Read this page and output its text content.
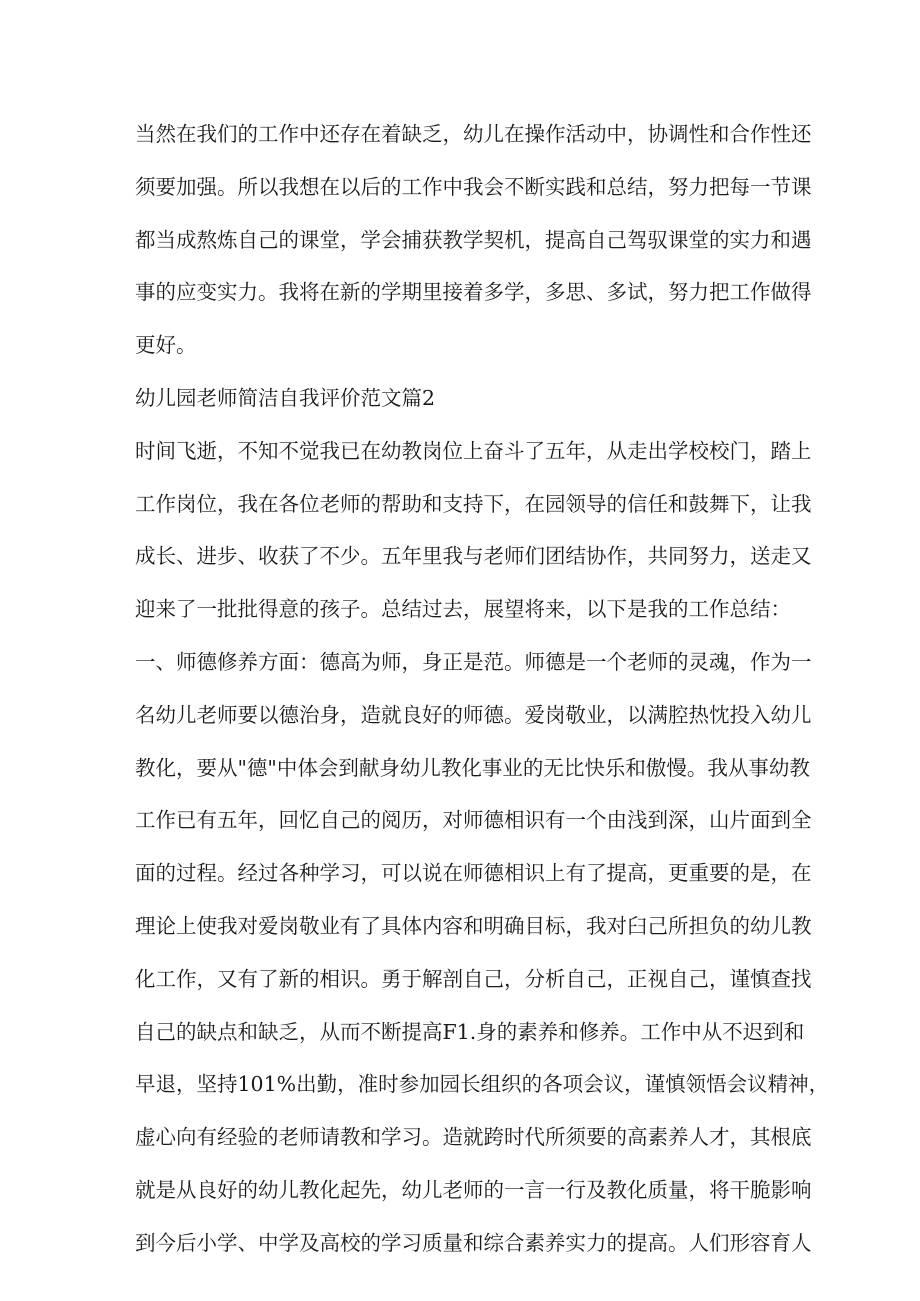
当然在我们的工作中还存在着缺乏，幼儿在操作活动中，协调性和合作性还
须要加强。所以我想在以后的工作中我会不断实践和总结，努力把每一节课
都当成熬炼自己的课堂，学会捕获教学契机，提高自己驾驭课堂的实力和遇
事的应变实力。我将在新的学期里接着多学，多思、多试，努力把工作做得
更好。
幼儿园老师简洁自我评价范文篇2
时间飞逝，不知不觉我已在幼教岗位上奋斗了五年，从走出学校校门，踏上
工作岗位，我在各位老师的帮助和支持下，在园领导的信任和鼓舞下，让我
成长、进步、收获了不少。五年里我与老师们团结协作，共同努力，送走又
迎来了一批批得意的孩子。总结过去，展望将来，以下是我的工作总结：
一、师德修养方面：德高为师，身正是范。师德是一个老师的灵魂，作为一
名幼儿老师要以德治身，造就良好的师德。爱岗敬业，以满腔热忱投入幼儿
教化，要从"德"中体会到献身幼儿教化事业的无比快乐和傲慢。我从事幼教
工作已有五年，回忆自己的阅历，对师德相识有一个由浅到深，山片面到全
面的过程。经过各种学习，可以说在师德相识上有了提高，更重要的是，在
理论上使我对爱岗敬业有了具体内容和明确目标，我对臼己所担负的幼儿教
化工作，又有了新的相识。勇于解剖自己，分析自己，正视自己，谨慎查找
自己的缺点和缺乏，从而不断提高F1.身的素养和修养。工作中从不迟到和
早退，坚持101%出勤，准时参加园长组织的各项会议，谨慎领悟会议精神，
虚心向有经验的老师请教和学习。造就跨时代所须要的高素养人才，其根底
就是从良好的幼儿教化起先，幼儿老师的一言一行及教化质量，将干脆影响
到今后小学、中学及高校的学习质量和综合素养实力的提高。人们形容育人
